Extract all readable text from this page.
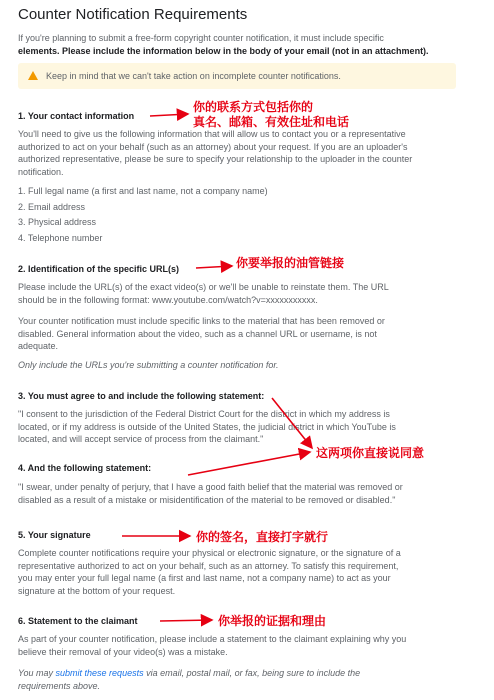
Counter Notification Requirements
If you're planning to submit a free-form copyright counter notification, it must include specific
elements. Please include the information below in the body of your email (not in an attachment).
Keep in mind that we can't take action on incomplete counter notifications.
1. Your contact information
You'll need to give us the following information that will allow us to contact you or a representative
authorized to act on your behalf (such as an attorney) about your request. If you are an uploader's
authorized representative, please be sure to specify your relationship to the uploader in the counter
notification.
1. Full legal name (a first and last name, not a company name)
2. Email address
3. Physical address
4. Telephone number
2. Identification of the specific URL(s)
Please include the URL(s) of the exact video(s) or we'll be unable to reinstate them. The URL
should be in the following format: www.youtube.com/watch?v=xxxxxxxxxxx.
Your counter notification must include specific links to the material that has been removed or
disabled. General information about the video, such as a channel URL or username, is not
adequate.
Only include the URLs you're submitting a counter notification for.
3. You must agree to and include the following statement:
"I consent to the jurisdiction of the Federal District Court for the district in which my address is
located, or if my address is outside of the United States, the judicial district in which YouTube is
located, and will accept service of process from the claimant."
4. And the following statement:
"I swear, under penalty of perjury, that I have a good faith belief that the material was removed or
disabled as a result of a mistake or misidentification of the material to be removed or disabled."
5. Your signature
Complete counter notifications require your physical or electronic signature, or the signature of a
representative authorized to act on your behalf, such as an attorney. To satisfy this requirement,
you may enter your full legal name (a first and last name, not a company name) to act as your
signature at the bottom of your request.
6. Statement to the claimant
As part of your counter notification, please include a statement to the claimant explaining why you
believe their removal of your video(s) was a mistake.
You may submit these requests via email, postal mail, or fax, being sure to include the
requirements above.
你的联系方式包括你的
真名、邮箱、有效住址和电话
你要举报的油管链接
这两项你直接说同意
你的签名，直接打字就行
你举报的证据和理由
